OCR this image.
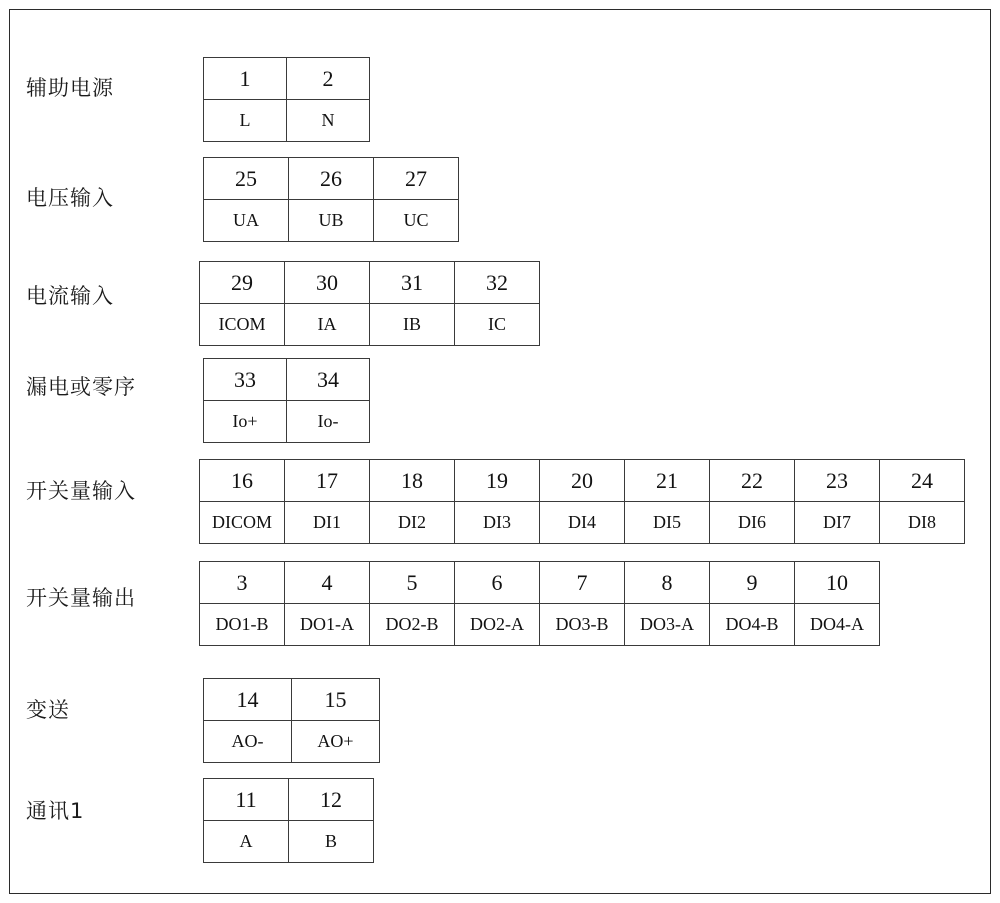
辅助电源	1	2
L	N
电压输入
25	26	27
UA	UB	UC
电流输入
29	30	31	32
ICOM	IA	IB	IC
漏电或零序	33	34
Io+	Io-
开关量输入	16	17	18	19	20	21	22	23	24
DICOM	DI1	DI2	DI3	DI4	DI5	DI6	DI7	DI8
开关量输出
3	4	5	6	7	8	9	10
DO1-B	DO1-A	DO2-B	DO2-A	DO3-B	DO3-A	DO4-B	DO4-A
变送	14	15
AO-	AO+
通讯1	11	12
A	B
